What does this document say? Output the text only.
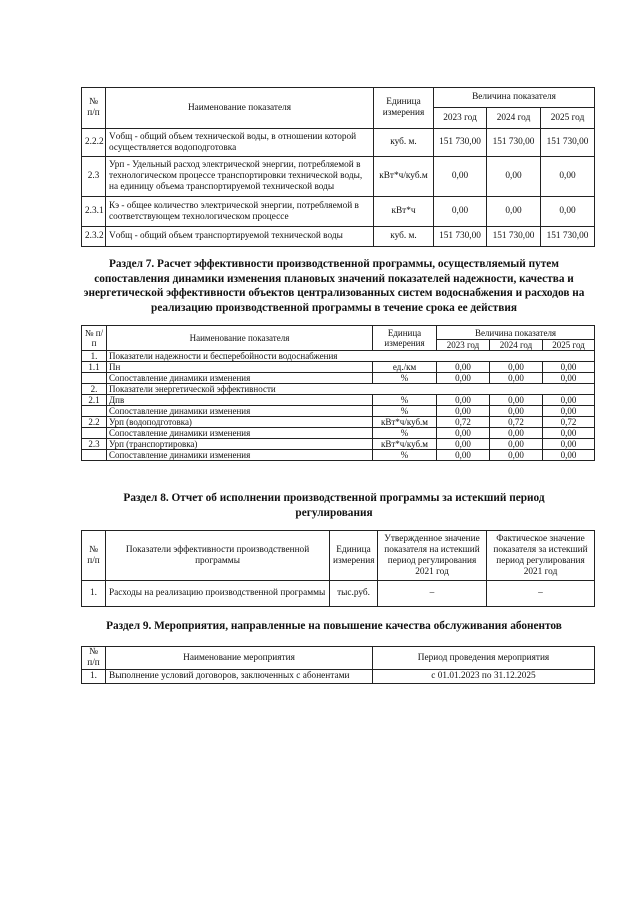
№ п/п	Наименование показателя	Единица измерения	Величина показателя		
			2023 год	2024 год	2025 год
2.2.2	Vобщ - общий объем технической воды, в отношении которой осуществляется водоподготовка	куб. м.	151 730,00	151 730,00	151 730,00
2.3	Урп - Удельный расход электрической энергии, потребляемой в технологическом процессе транспортировки технической воды, на единицу объема транспортируемой технической воды	кВт*ч/куб.м	0,00	0,00	0,00
2.3.1	Кэ - общее количество электрической энергии, потребляемой в соответствующем технологическом процессе	кВт*ч	0,00	0,00	0,00
2.3.2	Vобщ - общий объем транспортируемой технической воды	куб. м.	151 730,00	151 730,00	151 730,00
Раздел 7. Расчет эффективности производственной программы, осуществляемый путем сопоставления динамики изменения плановых значений показателей надежности, качества и энергетической эффективности объектов централизованных систем водоснабжения и расходов на реализацию производственной программы в течение срока ее действия
№ п/п	Наименование показателя	Единица измерения	Величина показателя		
			2023 год	2024 год	2025 год
1.	Показатели надежности и бесперебойности водоснабжения				
1.1	Пн	ед./км	0,00	0,00	0,00
	Сопоставление динамики изменения	%	0,00	0,00	0,00
2.	Показатели энергетической эффективности				
2.1	Дпв	%	0,00	0,00	0,00
	Сопоставление динамики изменения	%	0,00	0,00	0,00
2.2	Урп (водоподготовка)	кВт*ч/куб.м	0,72	0,72	0,72
	Сопоставление динамики изменения	%	0,00	0,00	0,00
2.3	Урп (транспортировка)	кВт*ч/куб.м	0,00	0,00	0,00
	Сопоставление динамики изменения	%	0,00	0,00	0,00
Раздел 8. Отчет об исполнении производственной программы за истекший период регулирования
№ п/п	Показатели эффективности производственной программы	Единица измерения	Утвержденное значение показателя на истекший период регулирования 2021 год	Фактическое значение показателя за истекший период регулирования 2021 год
1.	Расходы на реализацию производственной программы	тыс.руб.	–	–
Раздел 9. Мероприятия, направленные на повышение качества обслуживания абонентов
№ п/п	Наименование мероприятия	Период проведения мероприятия
1.	Выполнение условий договоров, заключенных с абонентами	с 01.01.2023 по 31.12.2025
